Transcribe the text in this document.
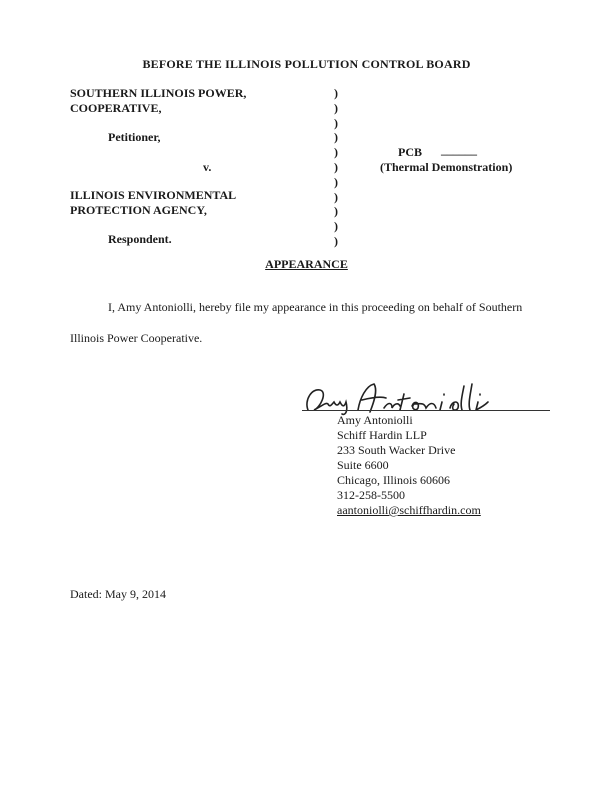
BEFORE THE ILLINOIS POLLUTION CONTROL BOARD
SOUTHERN ILLINOIS POWER,
COOPERATIVE,
Petitioner,
v.
ILLINOIS ENVIRONMENTAL
PROTECTION AGENCY,
Respondent.
)
)
)
)
)
)
)
)
)
)
)
PCB ______
(Thermal Demonstration)
APPEARANCE
I, Amy Antoniolli, hereby file my appearance in this proceeding on behalf of Southern
Illinois Power Cooperative.
Amy Antoniolli
Schiff Hardin LLP
233 South Wacker Drive
Suite 6600
Chicago, Illinois 60606
312-258-5500
aantoniolli@schiffhardin.com
Dated: May 9, 2014
